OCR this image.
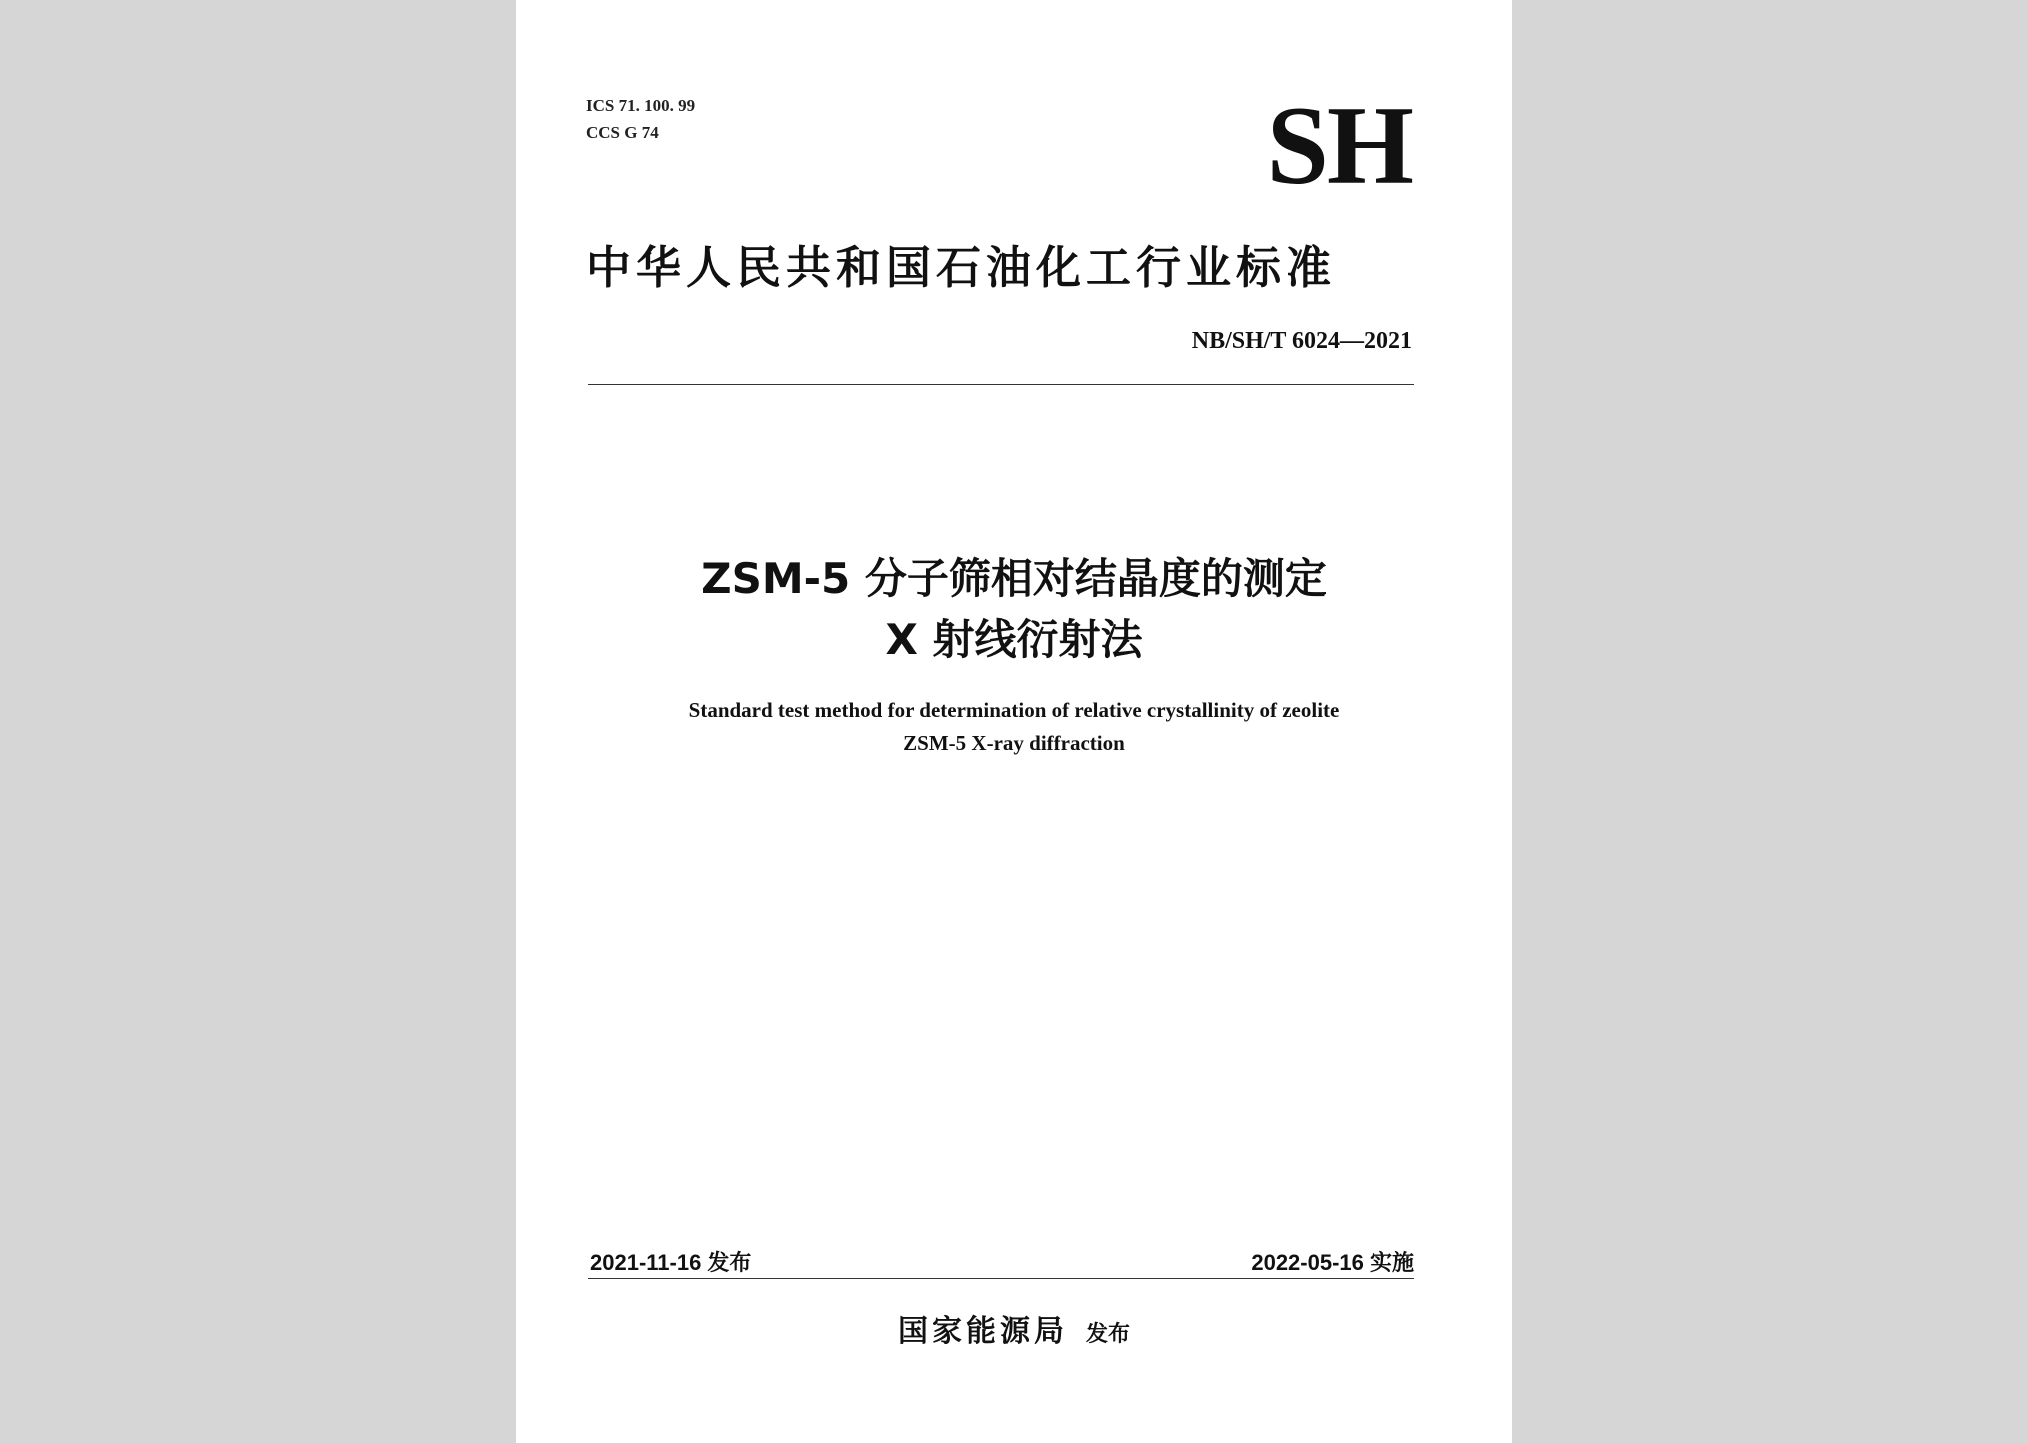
ICS 71. 100. 99
CCS G 74	SH
中华人民共和国石油化工行业标准
NB/SH/T 6024—2021
ZSM-5 分子筛相对结晶度的测定
X 射线衍射法
Standard test method for determination of relative crystallinity of zeolite
ZSM-5 X-ray diffraction
2021-11-16 发布	2022-05-16 实施
国家能源局 发布
